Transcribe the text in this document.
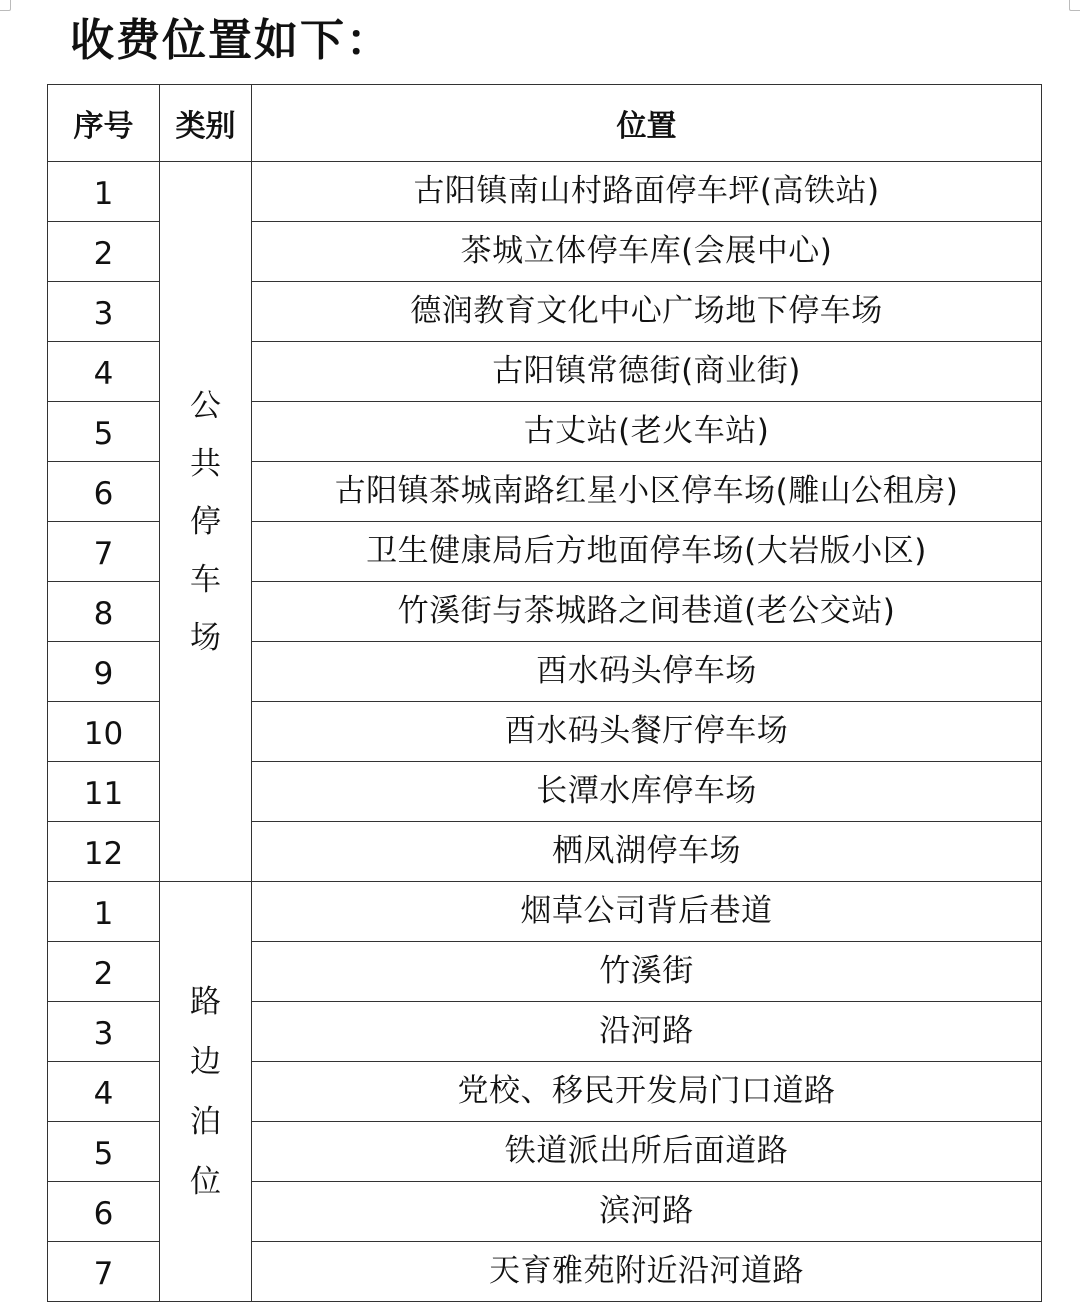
收费位置如下：
序号	类别	位置
1	公共停车场	古阳镇南山村路面停车坪(高铁站)
2		茶城立体停车库(会展中心)
3		德润教育文化中心广场地下停车场
4		古阳镇常德街(商业街)
5		古丈站(老火车站)
6		古阳镇茶城南路红星小区停车场(雕山公租房)
7		卫生健康局后方地面停车场(大岩版小区)
8		竹溪街与茶城路之间巷道(老公交站)
9		酉水码头停车场
10		酉水码头餐厅停车场
11		长潭水库停车场
12		栖凤湖停车场
1	路边泊位	烟草公司背后巷道
2		竹溪街
3		沿河路
4		党校、移民开发局门口道路
5		铁道派出所后面道路
6		滨河路
7		天育雅苑附近沿河道路
